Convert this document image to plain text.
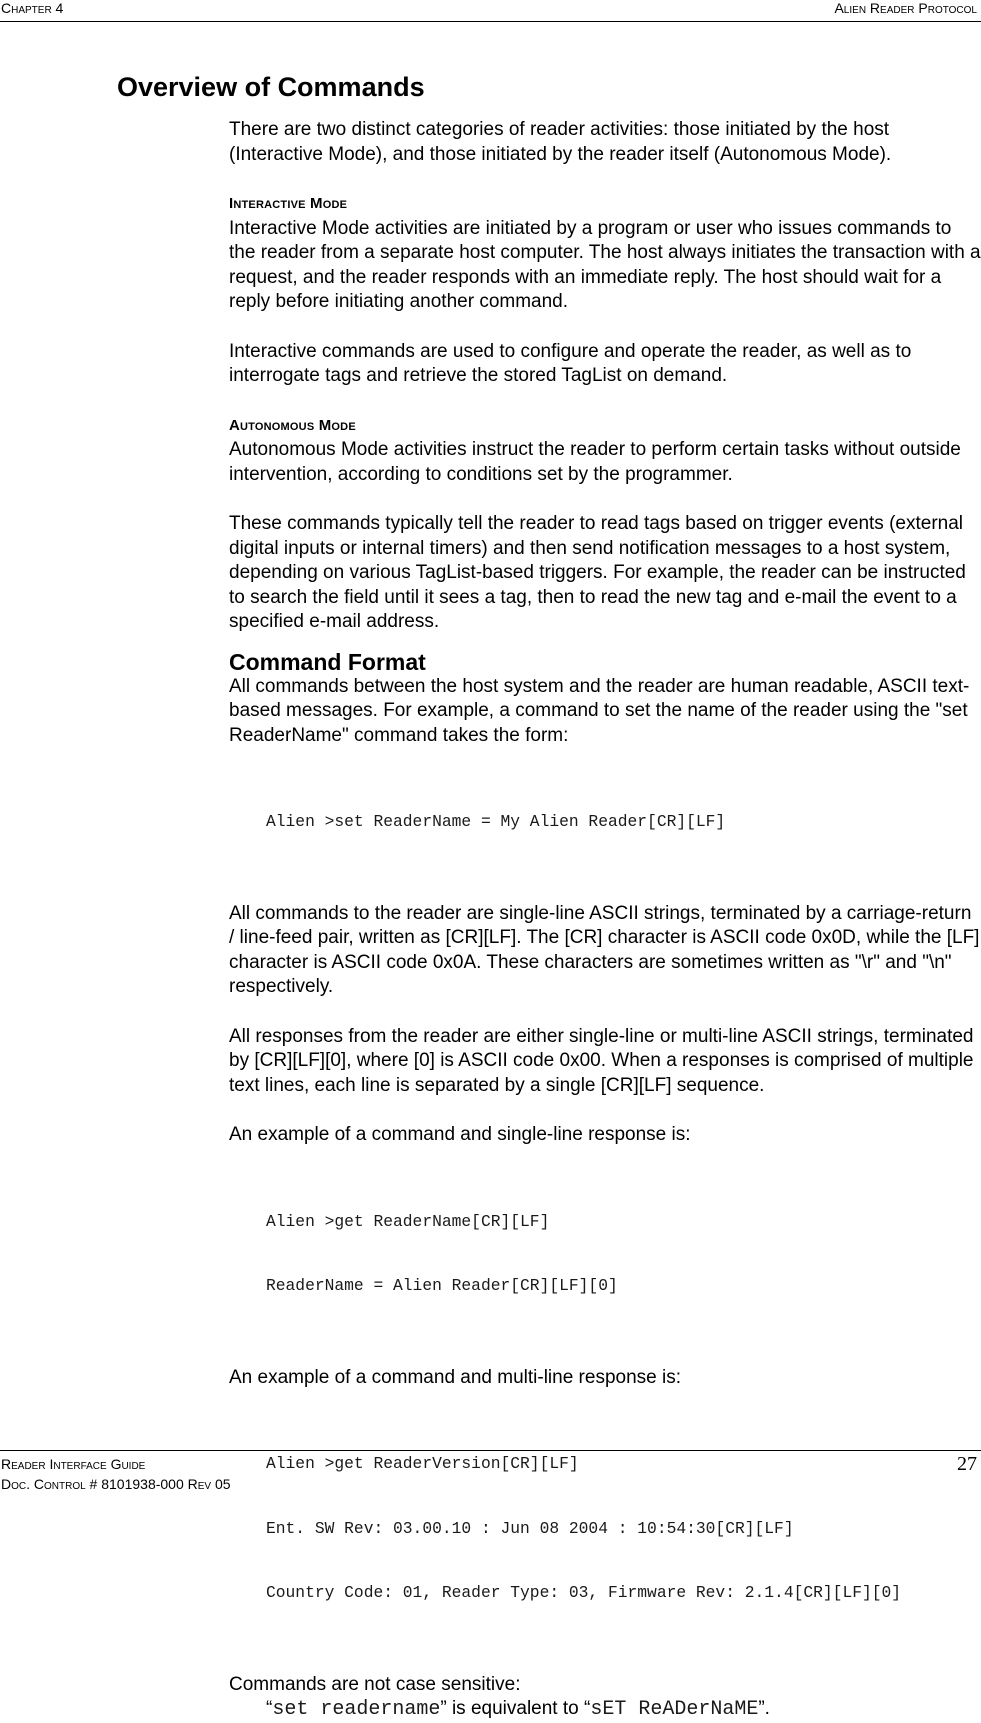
Chapter 4	Alien Reader Protocol
Overview of Commands

There are two distinct categories of reader activities: those initiated by the host (Interactive Mode), and those initiated by the reader itself (Autonomous Mode).

Interactive Mode

Interactive Mode activities are initiated by a program or user who issues commands to the reader from a separate host computer. The host always initiates the transaction with a request, and the reader responds with an immediate reply. The host should wait for a reply before initiating another command.

Interactive commands are used to configure and operate the reader, as well as to interrogate tags and retrieve the stored TagList on demand.

Autonomous Mode

Autonomous Mode activities instruct the reader to perform certain tasks without outside intervention, according to conditions set by the programmer.

These commands typically tell the reader to read tags based on trigger events (external digital inputs or internal timers) and then send notification messages to a host system, depending on various TagList-based triggers. For example, the reader can be instructed to search the field until it sees a tag, then to read the new tag and e-mail the event to a specified e-mail address.

Command Format

All commands between the host system and the reader are human readable, ASCII text-based messages. For example, a command to set the name of the reader using the "set ReaderName" command takes the form:

Alien >set ReaderName = My Alien Reader[CR][LF]

All commands to the reader are single-line ASCII strings, terminated by a carriage-return / line-feed pair, written as [CR][LF]. The [CR] character is ASCII code 0x0D, while the [LF] character is ASCII code 0x0A. These characters are sometimes written as "\r" and "\n" respectively.

All responses from the reader are either single-line or multi-line ASCII strings, terminated by [CR][LF][0], where [0] is ASCII code 0x00. When a responses is comprised of multiple text lines, each line is separated by a single [CR][LF] sequence.

An example of a command and single-line response is:

Alien >get ReaderName[CR][LF]

ReaderName = Alien Reader[CR][LF][0]

An example of a command and multi-line response is:

Alien >get ReaderVersion[CR][LF]

Ent. SW Rev: 03.00.10 : Jun 08 2004 : 10:54:30[CR][LF]

Country Code: 01, Reader Type: 03, Firmware Rev: 2.1.4[CR][LF][0]

Commands are not case sensitive:

“set readername” is equivalent to “sET ReADerNaME”.
Reader Interface Guide
Doc. Control # 8101938-000 Rev 05
27
